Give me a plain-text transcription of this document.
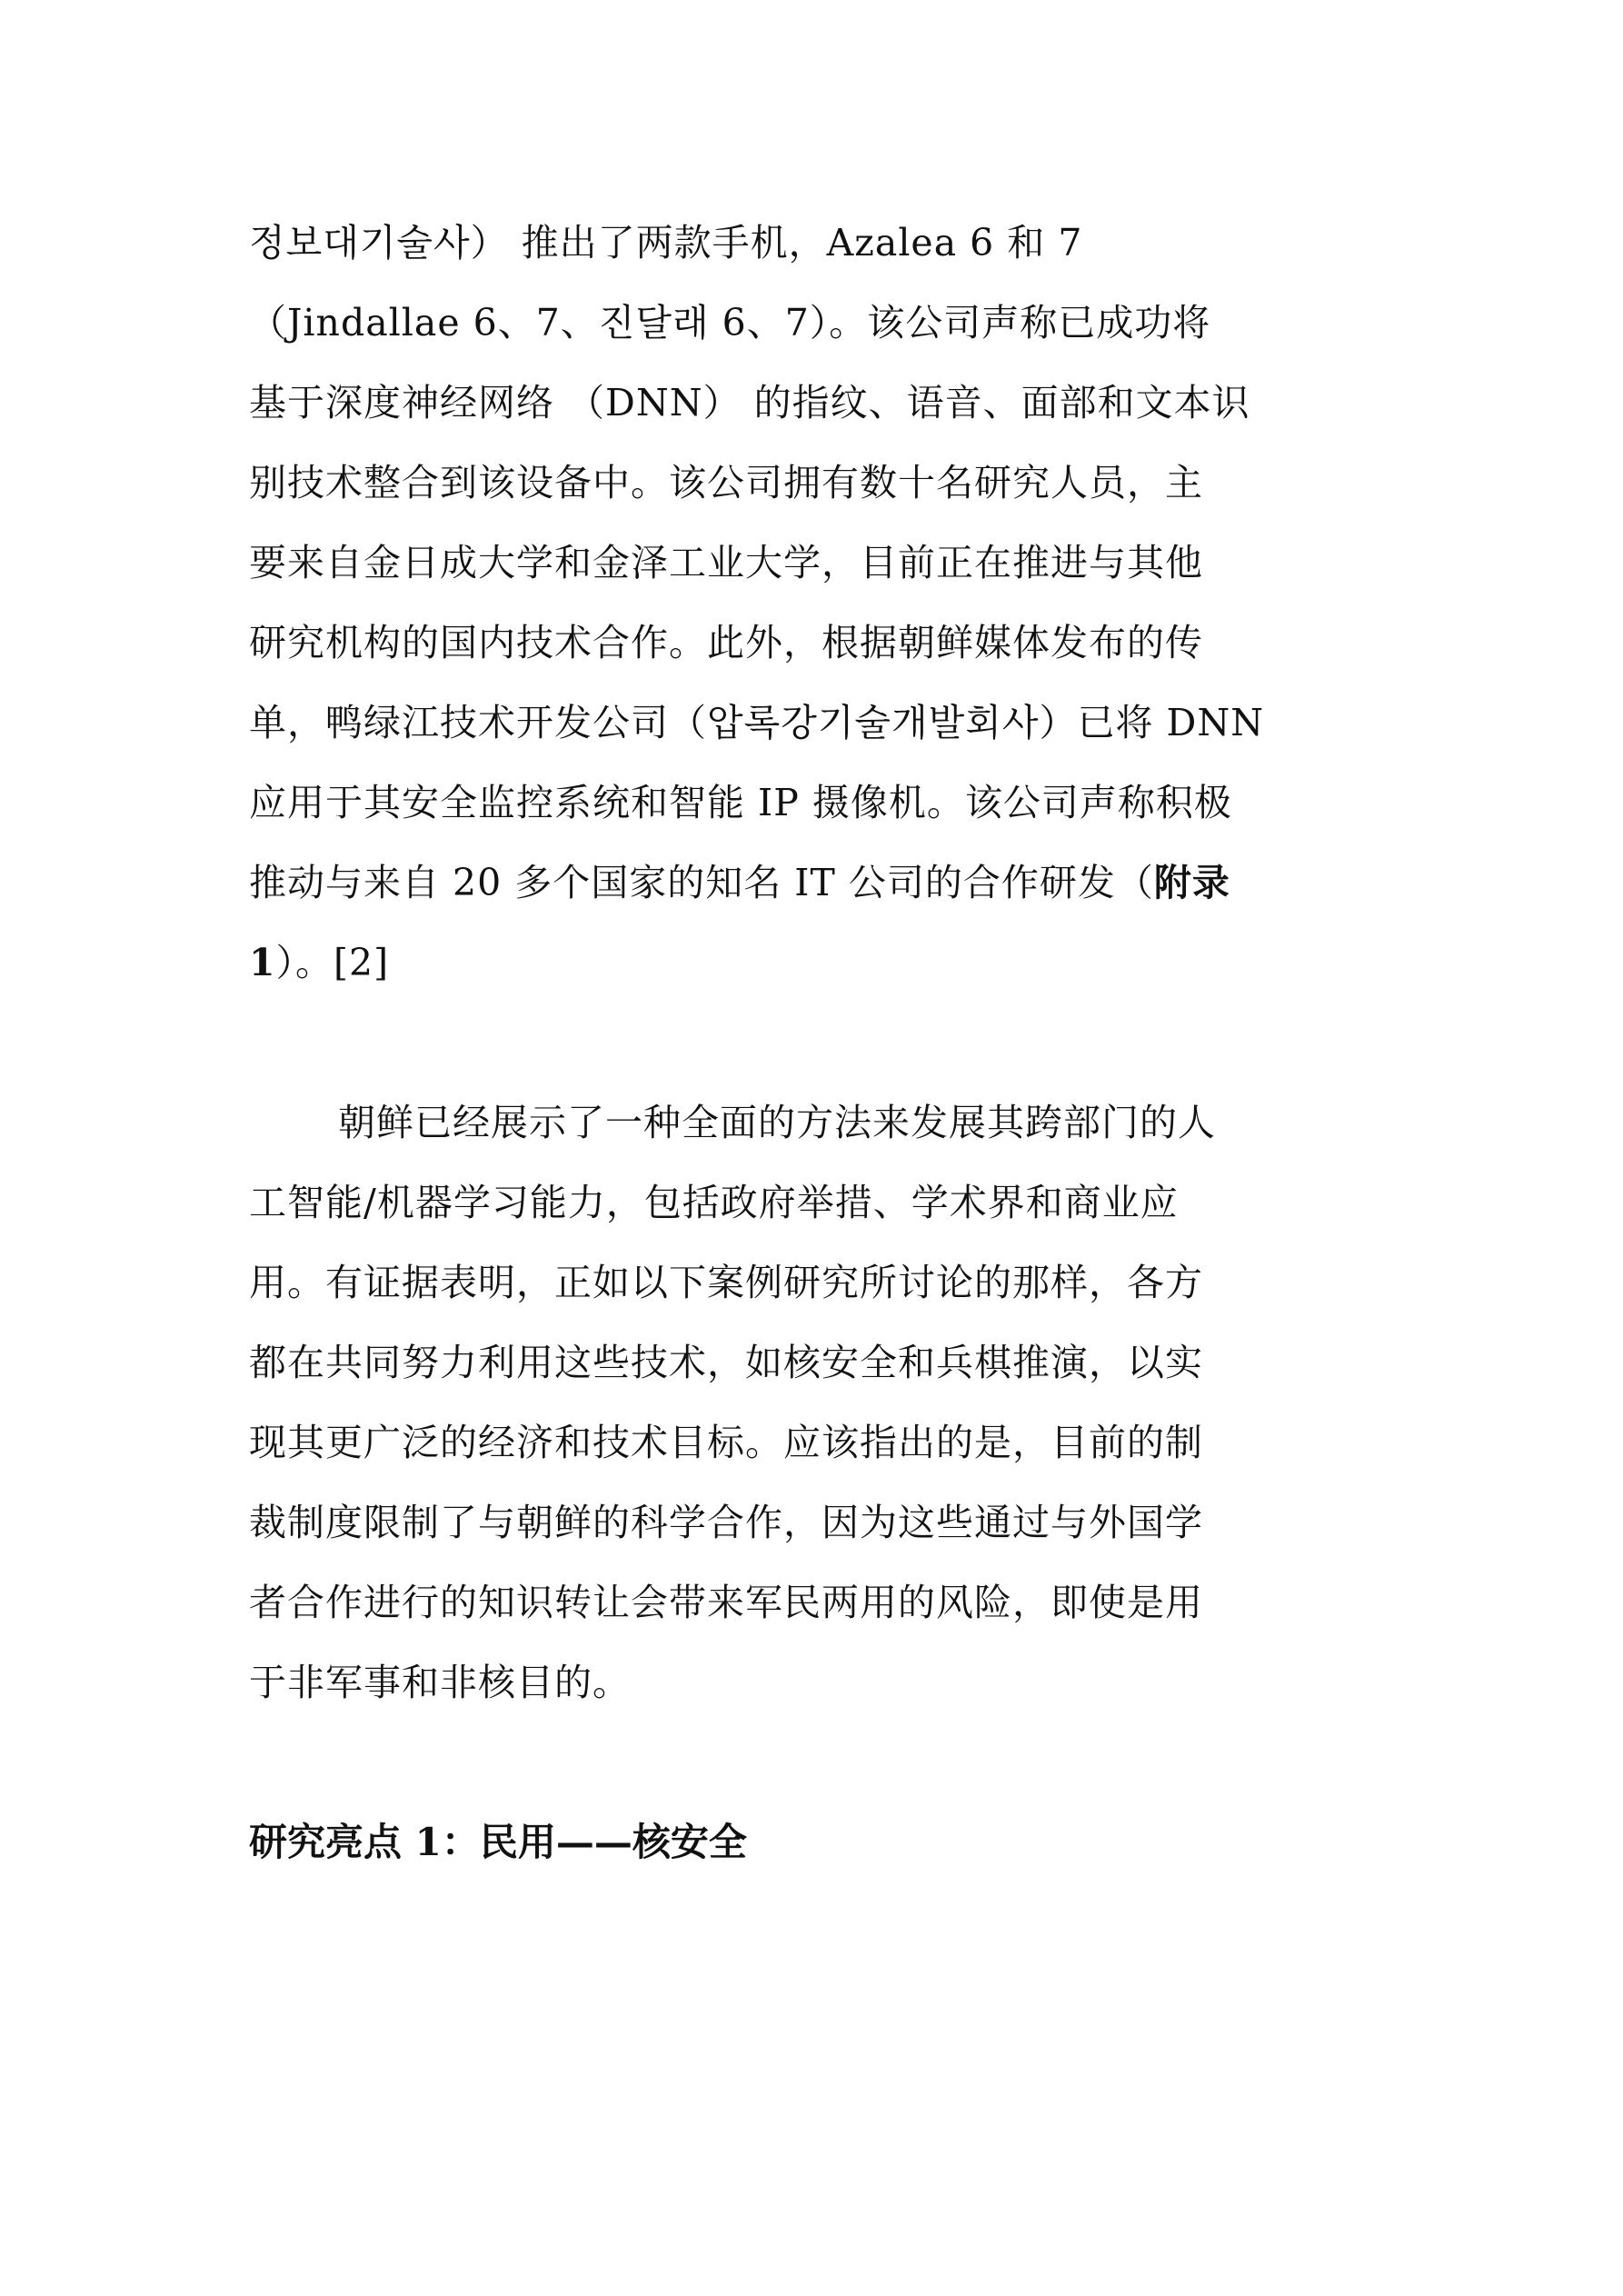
정보대기술사） 推出了两款手机，Azalea 6 和 7
（Jindallae 6、7、진달래 6、7）。该公司声称已成功将
基于深度神经网络 （DNN） 的指纹、语音、面部和文本识
别技术整合到该设备中。该公司拥有数十名研究人员，主
要来自金日成大学和金泽工业大学，目前正在推进与其他
研究机构的国内技术合作。此外，根据朝鲜媒体发布的传
单，鸭绿江技术开发公司（압록강기술개발회사）已将 DNN
应用于其安全监控系统和智能 IP 摄像机。该公司声称积极
推动与来自 20 多个国家的知名 IT 公司的合作研发（附录
1）。[2]
朝鲜已经展示了一种全面的方法来发展其跨部门的人
工智能/机器学习能力，包括政府举措、学术界和商业应
用。有证据表明，正如以下案例研究所讨论的那样，各方
都在共同努力利用这些技术，如核安全和兵棋推演，以实
现其更广泛的经济和技术目标。应该指出的是，目前的制
裁制度限制了与朝鲜的科学合作，因为这些通过与外国学
者合作进行的知识转让会带来军民两用的风险，即使是用
于非军事和非核目的。
研究亮点 1：民用——核安全
